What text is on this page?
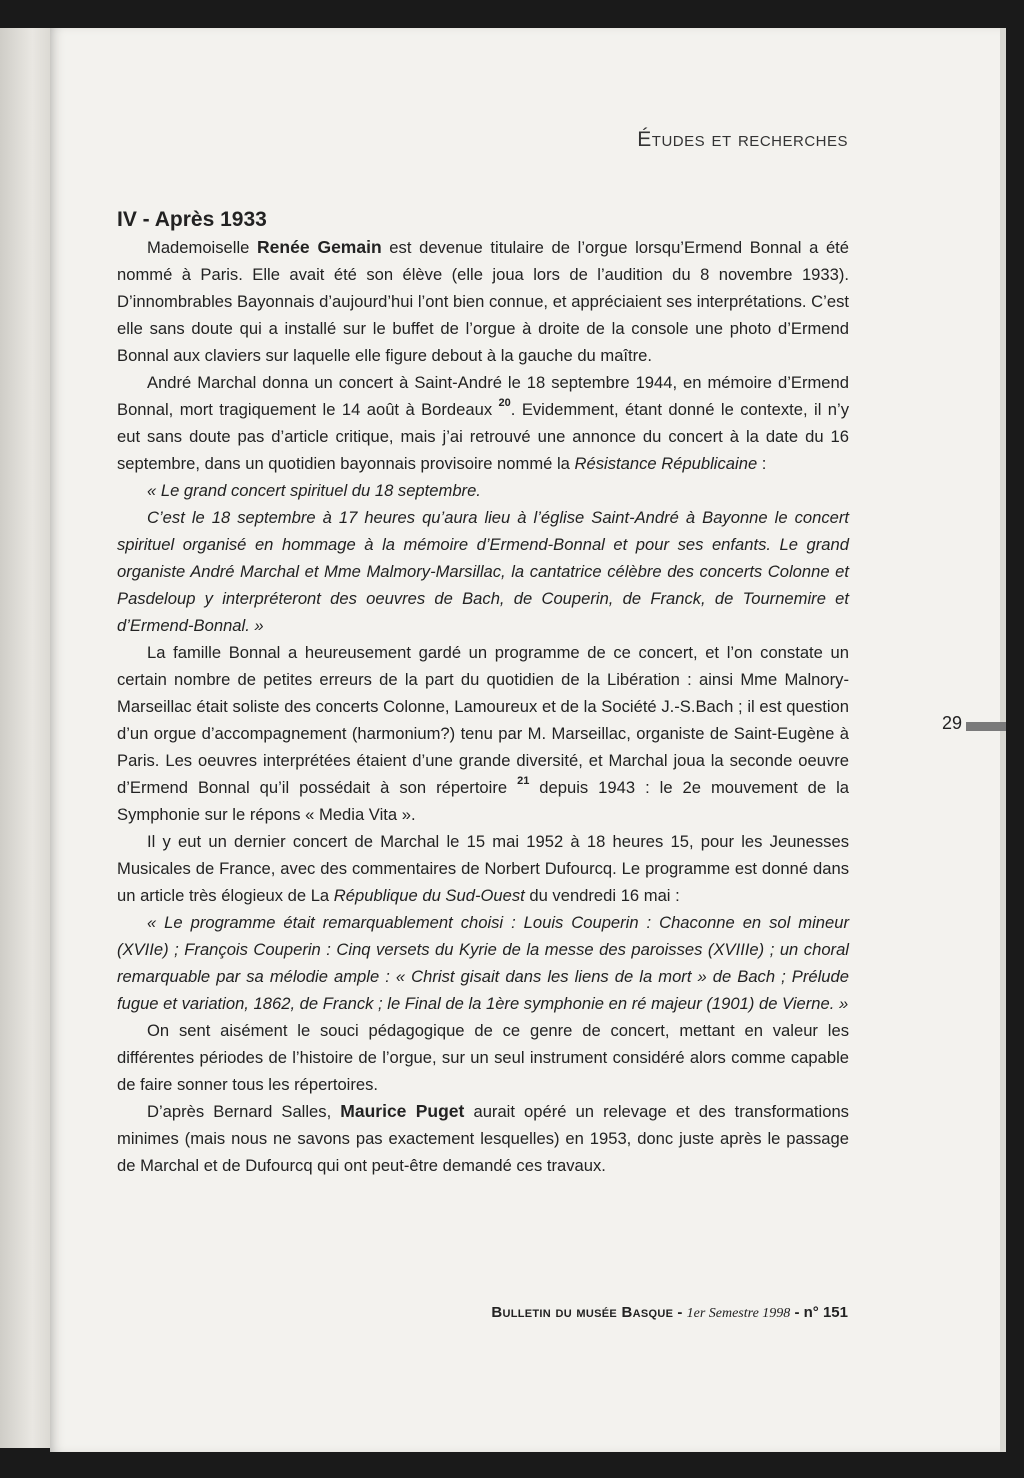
Études et recherches
IV - Après 1933

Mademoiselle Renée Gemain est devenue titulaire de l’orgue lorsqu’Ermend Bonnal a été nommé à Paris. Elle avait été son élève (elle joua lors de l’audition du 8 novembre 1933). D’innombrables Bayonnais d’aujourd’hui l’ont bien connue, et appréciaient ses interprétations. C’est elle sans doute qui a installé sur le buffet de l’orgue à droite de la console une photo d’Ermend Bonnal aux claviers sur laquelle elle figure debout à la gauche du maître.

André Marchal donna un concert à Saint-André le 18 septembre 1944, en mémoire d’Ermend Bonnal, mort tragiquement le 14 août à Bordeaux $^{20}$. Evidemment, étant donné le contexte, il n’y eut sans doute pas d’article critique, mais j’ai retrouvé une annonce du concert à la date du 16 septembre, dans un quotidien bayonnais provisoire nommé la Résistance Républicaine :

« Le grand concert spirituel du 18 septembre.

C’est le 18 septembre à 17 heures qu’aura lieu à l’église Saint-André à Bayonne le concert spirituel organisé en hommage à la mémoire d’Ermend-Bonnal et pour ses enfants. Le grand organiste André Marchal et Mme Malmory-Marsillac, la cantatrice célèbre des concerts Colonne et Pasdeloup y interpréteront des oeuvres de Bach, de Couperin, de Franck, de Tournemire et d’Ermend-Bonnal. »

La famille Bonnal a heureusement gardé un programme de ce concert, et l’on constate un certain nombre de petites erreurs de la part du quotidien de la Libération : ainsi Mme Malnory-Marseillac était soliste des concerts Colonne, Lamoureux et de la Société J.-S.Bach ; il est question d’un orgue d’accompagnement (harmonium?) tenu par M. Marseillac, organiste de Saint-Eugène à Paris. Les oeuvres interprétées étaient d’une grande diversité, et Marchal joua la seconde oeuvre d’Ermend Bonnal qu’il possédait à son répertoire $^{21}$ depuis 1943 : le 2e mouvement de la Symphonie sur le répons « Media Vita ».

Il y eut un dernier concert de Marchal le 15 mai 1952 à 18 heures 15, pour les Jeunesses Musicales de France, avec des commentaires de Norbert Dufourcq. Le programme est donné dans un article très élogieux de La République du Sud-Ouest du vendredi 16 mai :

« Le programme était remarquablement choisi : Louis Couperin : Chaconne en sol mineur (XVIIe) ; François Couperin : Cinq versets du Kyrie de la messe des paroisses (XVIIIe) ; un choral remarquable par sa mélodie ample : « Christ gisait dans les liens de la mort » de Bach ; Prélude fugue et variation, 1862, de Franck ; le Final de la 1ère symphonie en ré majeur (1901) de Vierne. »

On sent aisément le souci pédagogique de ce genre de concert, mettant en valeur les différentes périodes de l’histoire de l’orgue, sur un seul instrument considéré alors comme capable de faire sonner tous les répertoires.

D’après Bernard Salles, Maurice Puget aurait opéré un relevage et des transformations minimes (mais nous ne savons pas exactement lesquelles) en 1953, donc juste après le passage de Marchal et de Dufourcq qui ont peut-être demandé ces travaux.

29
Bulletin du musée Basque - 1er Semestre 1998 - n° 151
